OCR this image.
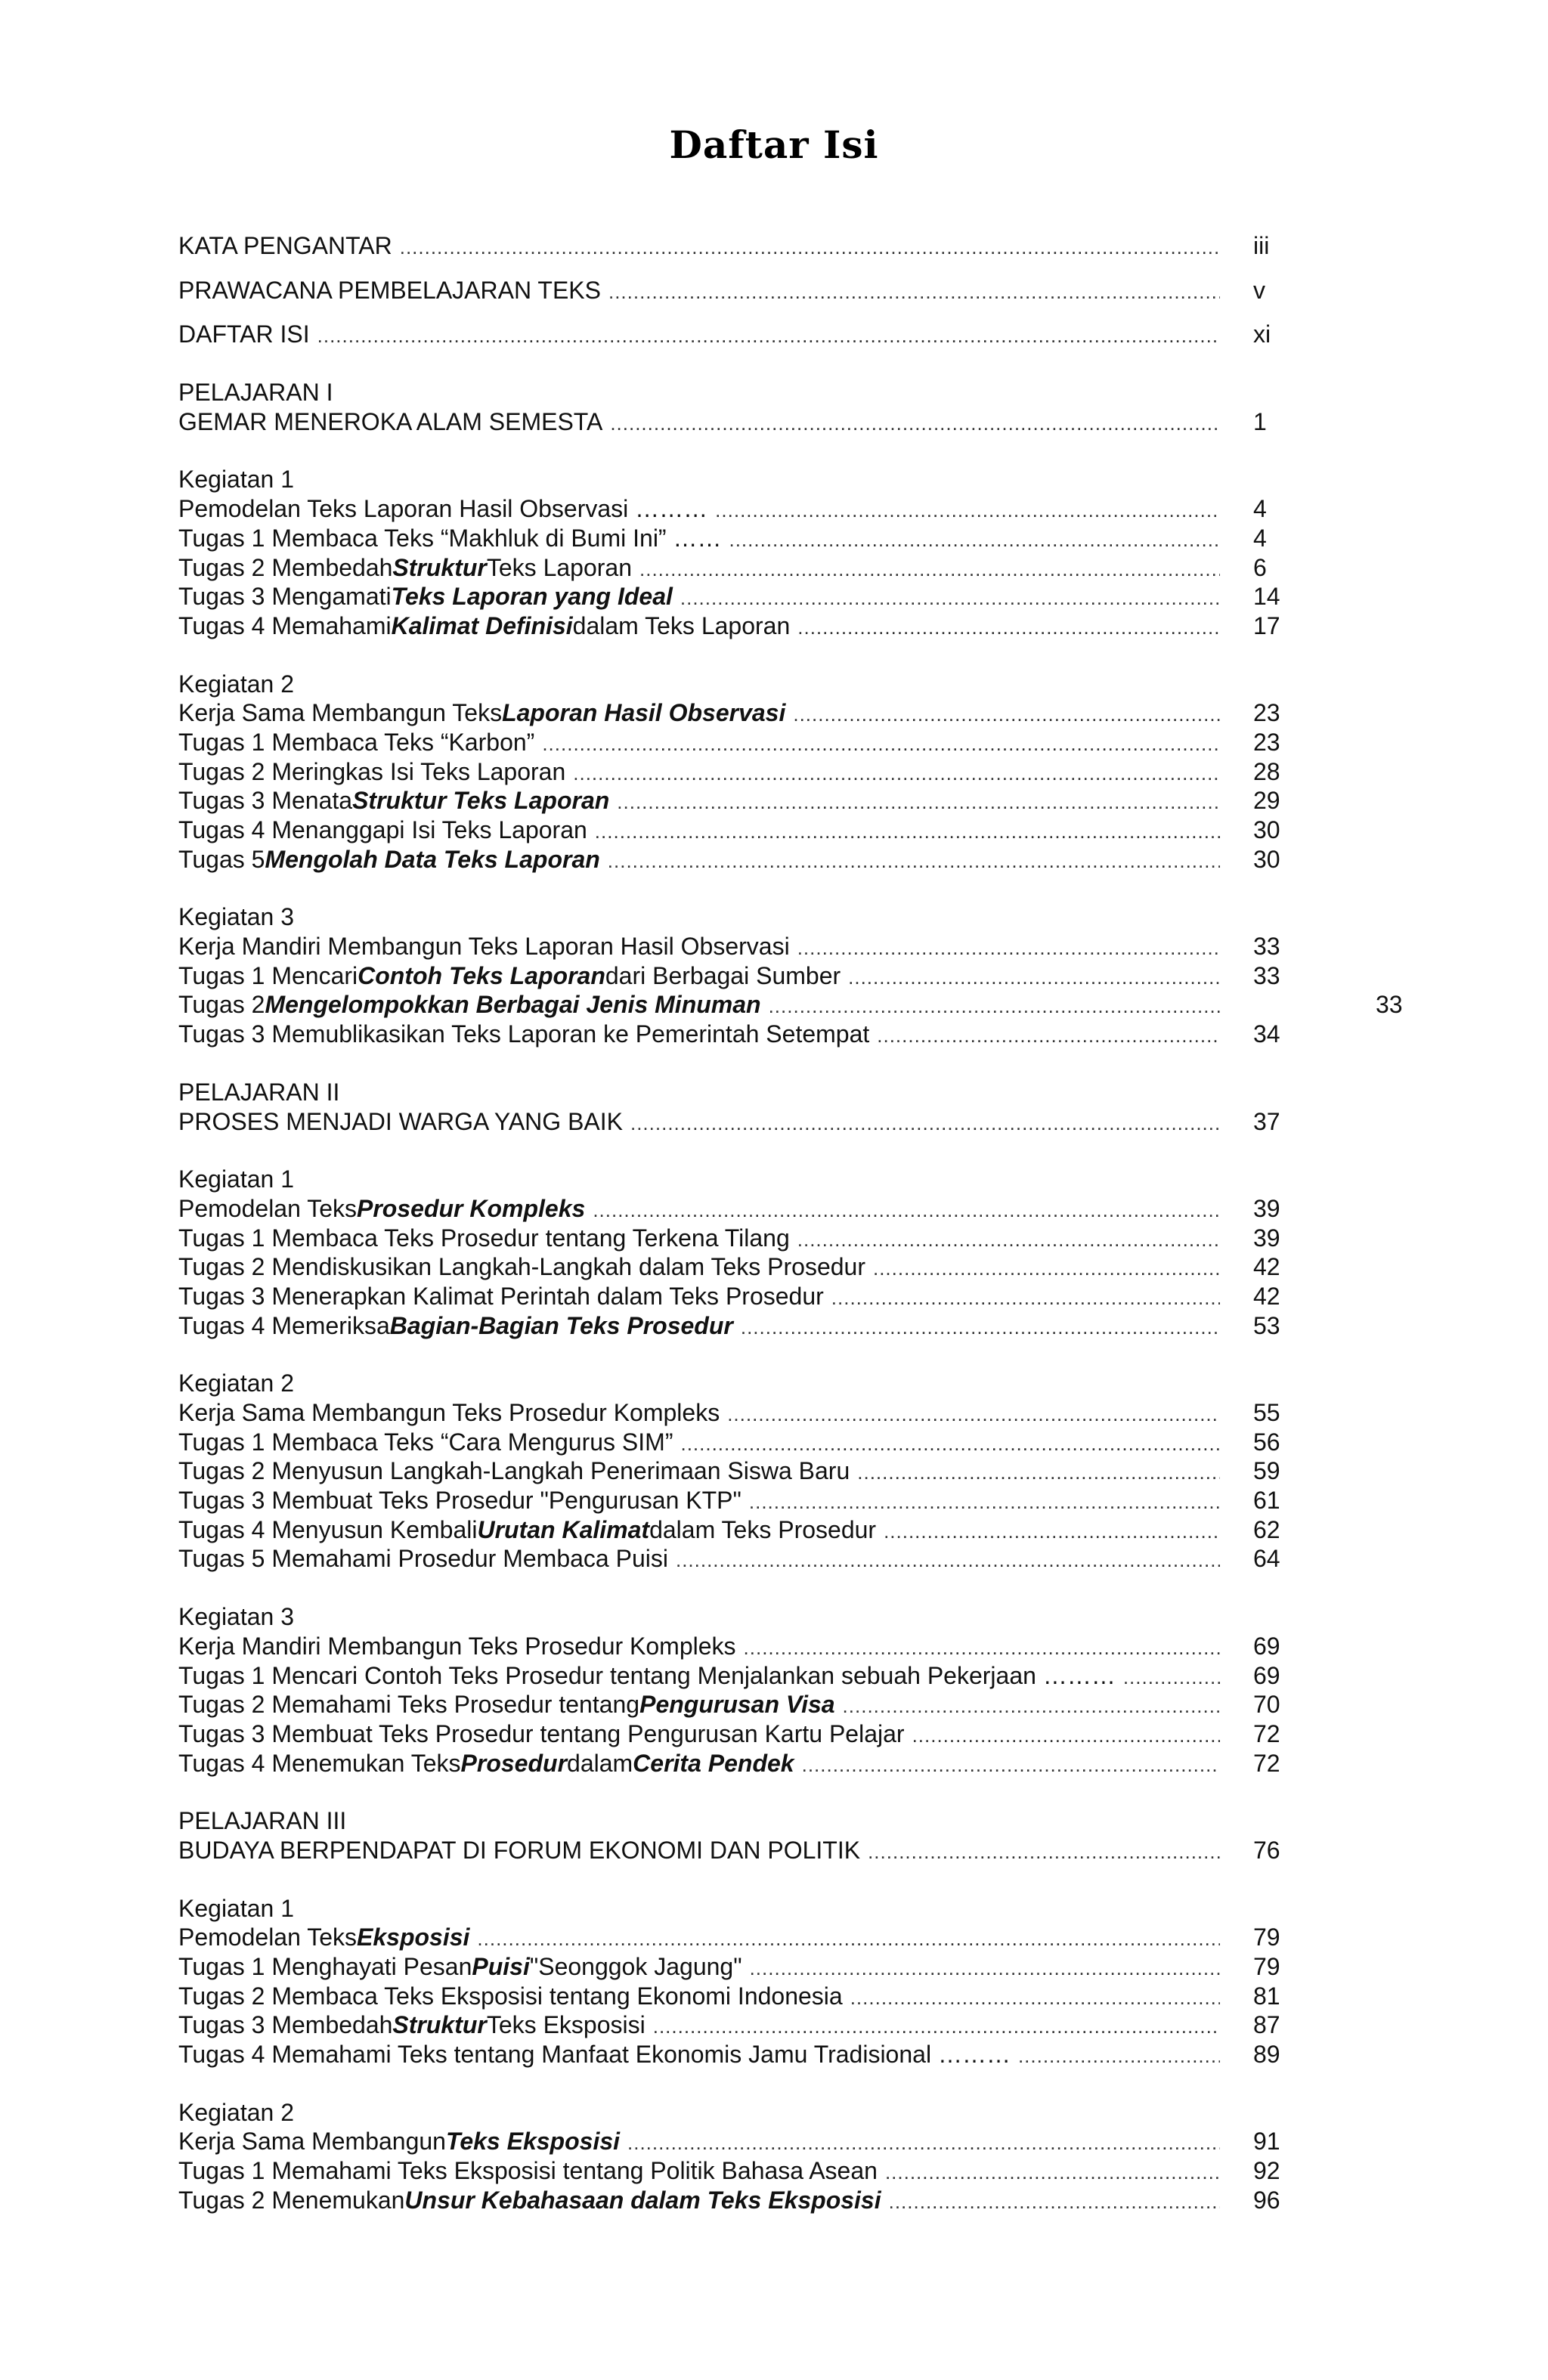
Daftar Isi
KATA PENGANTAR .....	iii
PRAWACANA PEMBELAJARAN TEKS .....	v
DAFTAR ISI .....	xi
PELAJARAN I
GEMAR MENEROKA ALAM SEMESTA .....	1
Kegiatan 1
Pemodelan Teks Laporan Hasil Observasi ……… .....	4
Tugas 1 Membaca Teks “Makhluk di Bumi Ini” …… .....	4
Tugas 2 Membedah Struktur Teks Laporan .....	6
Tugas 3 Mengamati Teks Laporan yang Ideal .....	14
Tugas 4 Memahami Kalimat Definisi dalam Teks Laporan .....	17
Kegiatan 2
Kerja Sama Membangun Teks Laporan Hasil Observasi .....	23
Tugas 1 Membaca Teks “Karbon” .....	23
Tugas 2 Meringkas Isi Teks Laporan .....	28
Tugas 3 Menata Struktur Teks Laporan .....	29
Tugas 4 Menanggapi Isi Teks Laporan .....	30
Tugas 5 Mengolah Data Teks Laporan .....	30
Kegiatan 3
Kerja Mandiri Membangun Teks Laporan Hasil Observasi .....	33
Tugas 1 Mencari Contoh Teks Laporan dari Berbagai Sumber .....	33
Tugas 2 Mengelompokkan Berbagai Jenis Minuman .....	33
Tugas 3 Memublikasikan Teks Laporan ke Pemerintah Setempat .....	34
PELAJARAN II
PROSES MENJADI WARGA YANG BAIK .....	37
Kegiatan 1
Pemodelan Teks Prosedur Kompleks .....	39
Tugas 1 Membaca Teks Prosedur tentang Terkena Tilang .....	39
Tugas 2 Mendiskusikan Langkah-Langkah dalam Teks Prosedur .....	42
Tugas 3 Menerapkan Kalimat Perintah dalam Teks Prosedur .....	42
Tugas 4 Memeriksa Bagian-Bagian Teks Prosedur .....	53
Kegiatan 2
Kerja Sama Membangun Teks Prosedur Kompleks .....	55
Tugas 1 Membaca Teks “Cara Mengurus SIM” .....	56
Tugas 2 Menyusun Langkah-Langkah Penerimaan Siswa Baru .....	59
Tugas 3 Membuat Teks Prosedur "Pengurusan KTP" .....	61
Tugas 4 Menyusun Kembali Urutan Kalimat dalam Teks Prosedur .....	62
Tugas 5 Memahami Prosedur Membaca Puisi .....	64
Kegiatan 3
Kerja Mandiri Membangun Teks Prosedur Kompleks .....	69
Tugas 1 Mencari Contoh Teks Prosedur tentang Menjalankan sebuah Pekerjaan ……… .....	69
Tugas 2 Memahami Teks Prosedur tentang Pengurusan Visa .....	70
Tugas 3 Membuat Teks Prosedur tentang Pengurusan Kartu Pelajar .....	72
Tugas 4 Menemukan Teks Prosedur dalam Cerita Pendek .....	72
PELAJARAN III
BUDAYA BERPENDAPAT DI FORUM EKONOMI DAN POLITIK .....	76
Kegiatan 1
Pemodelan Teks Eksposisi .....	79
Tugas 1 Menghayati Pesan Puisi "Seonggok Jagung" .....	79
Tugas 2 Membaca Teks Eksposisi tentang Ekonomi Indonesia .....	81
Tugas 3 Membedah Struktur Teks Eksposisi .....	87
Tugas 4 Memahami Teks tentang Manfaat Ekonomis Jamu Tradisional ……… .....	89
Kegiatan 2
Kerja Sama Membangun Teks Eksposisi .....	91
Tugas 1 Memahami Teks Eksposisi tentang Politik Bahasa Asean .....	92
Tugas 2 Menemukan Unsur Kebahasaan dalam Teks Eksposisi .....	96
